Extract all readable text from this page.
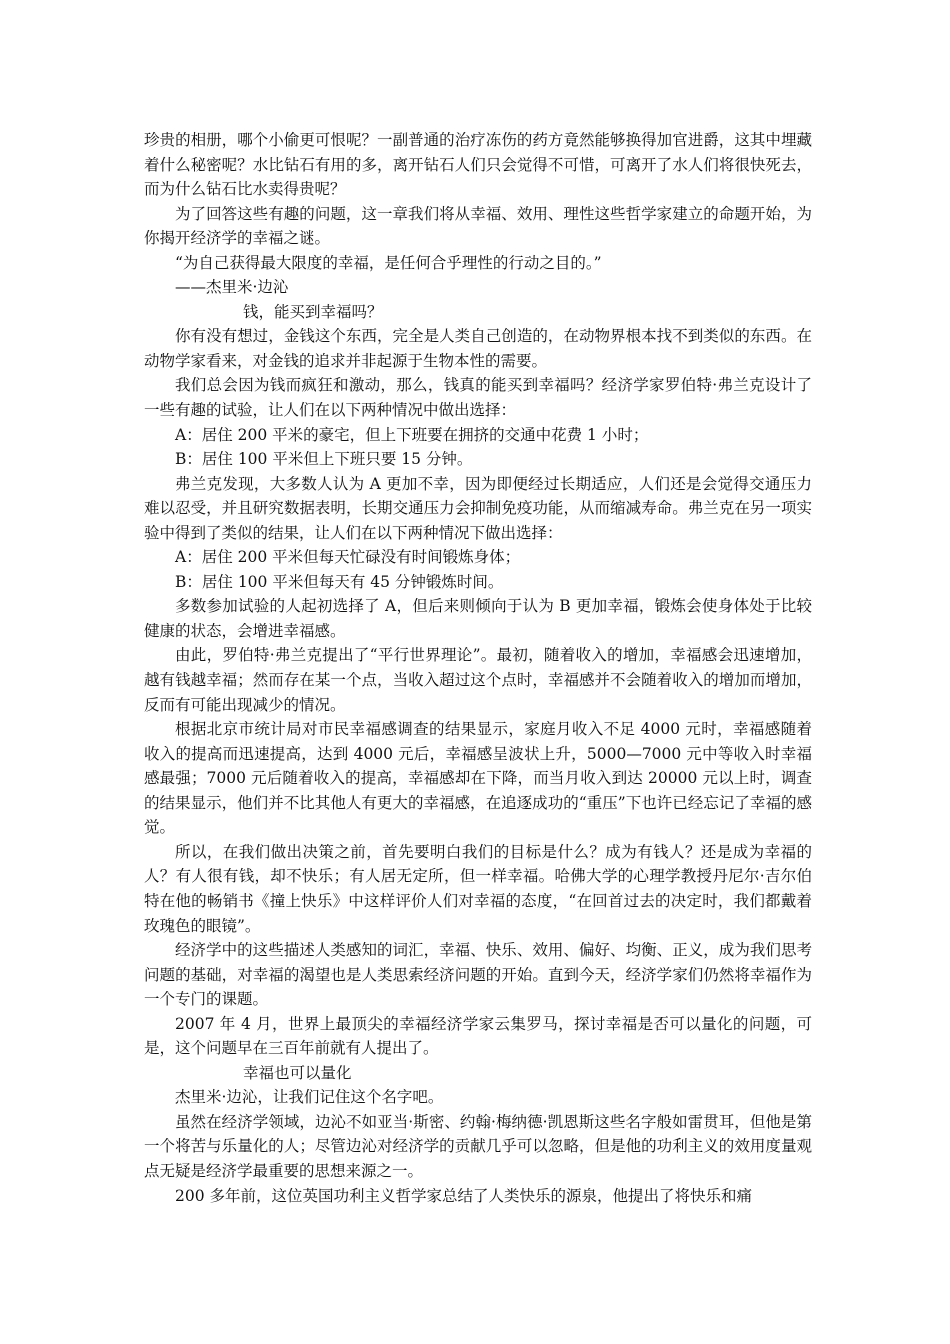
珍贵的相册，哪个小偷更可恨呢？一副普通的治疗冻伤的药方竟然能够换得加官进爵，这其中埋藏着什么秘密呢？水比钻石有用的多，离开钻石人们只会觉得不可惜，可离开了水人们将很快死去，而为什么钻石比水卖得贵呢？

为了回答这些有趣的问题，这一章我们将从幸福、效用、理性这些哲学家建立的命题开始，为你揭开经济学的幸福之谜。

“为自己获得最大限度的幸福，是任何合乎理性的行动之目的。”

——杰里米·边沁

钱，能买到幸福吗？

你有没有想过，金钱这个东西，完全是人类自己创造的，在动物界根本找不到类似的东西。在动物学家看来，对金钱的追求并非起源于生物本性的需要。

我们总会因为钱而疯狂和激动，那么，钱真的能买到幸福吗？经济学家罗伯特·弗兰克设计了一些有趣的试验，让人们在以下两种情况中做出选择：

A：居住 200 平米的豪宅，但上下班要在拥挤的交通中花费 1 小时；

B：居住 100 平米但上下班只要 15 分钟。

弗兰克发现，大多数人认为 A 更加不幸，因为即便经过长期适应，人们还是会觉得交通压力难以忍受，并且研究数据表明，长期交通压力会抑制免疫功能，从而缩减寿命。弗兰克在另一项实验中得到了类似的结果，让人们在以下两种情况下做出选择：

A：居住 200 平米但每天忙碌没有时间锻炼身体；

B：居住 100 平米但每天有 45 分钟锻炼时间。

多数参加试验的人起初选择了 A，但后来则倾向于认为 B 更加幸福，锻炼会使身体处于比较健康的状态，会增进幸福感。

由此，罗伯特·弗兰克提出了“平行世界理论”。最初，随着收入的增加，幸福感会迅速增加，越有钱越幸福；然而存在某一个点，当收入超过这个点时，幸福感并不会随着收入的增加而增加，反而有可能出现减少的情况。

根据北京市统计局对市民幸福感调查的结果显示，家庭月收入不足 4000 元时，幸福感随着收入的提高而迅速提高，达到 4000 元后，幸福感呈波状上升，5000—7000 元中等收入时幸福感最强；7000 元后随着收入的提高，幸福感却在下降，而当月收入到达 20000 元以上时，调查的结果显示，他们并不比其他人有更大的幸福感，在追逐成功的“重压”下也许已经忘记了幸福的感觉。

所以，在我们做出决策之前，首先要明白我们的目标是什么？成为有钱人？还是成为幸福的人？有人很有钱，却不快乐；有人居无定所，但一样幸福。哈佛大学的心理学教授丹尼尔·吉尔伯特在他的畅销书《撞上快乐》中这样评价人们对幸福的态度，“在回首过去的决定时，我们都戴着玫瑰色的眼镜”。

经济学中的这些描述人类感知的词汇，幸福、快乐、效用、偏好、均衡、正义，成为我们思考问题的基础，对幸福的渴望也是人类思索经济问题的开始。直到今天，经济学家们仍然将幸福作为一个专门的课题。

2007 年 4 月，世界上最顶尖的幸福经济学家云集罗马，探讨幸福是否可以量化的问题，可是，这个问题早在三百年前就有人提出了。

幸福也可以量化

杰里米·边沁，让我们记住这个名字吧。

虽然在经济学领域，边沁不如亚当·斯密、约翰·梅纳德·凯恩斯这些名字般如雷贯耳，但他是第一个将苦与乐量化的人；尽管边沁对经济学的贡献几乎可以忽略，但是他的功利主义的效用度量观点无疑是经济学最重要的思想来源之一。

200 多年前，这位英国功利主义哲学家总结了人类快乐的源泉，他提出了将快乐和痛
